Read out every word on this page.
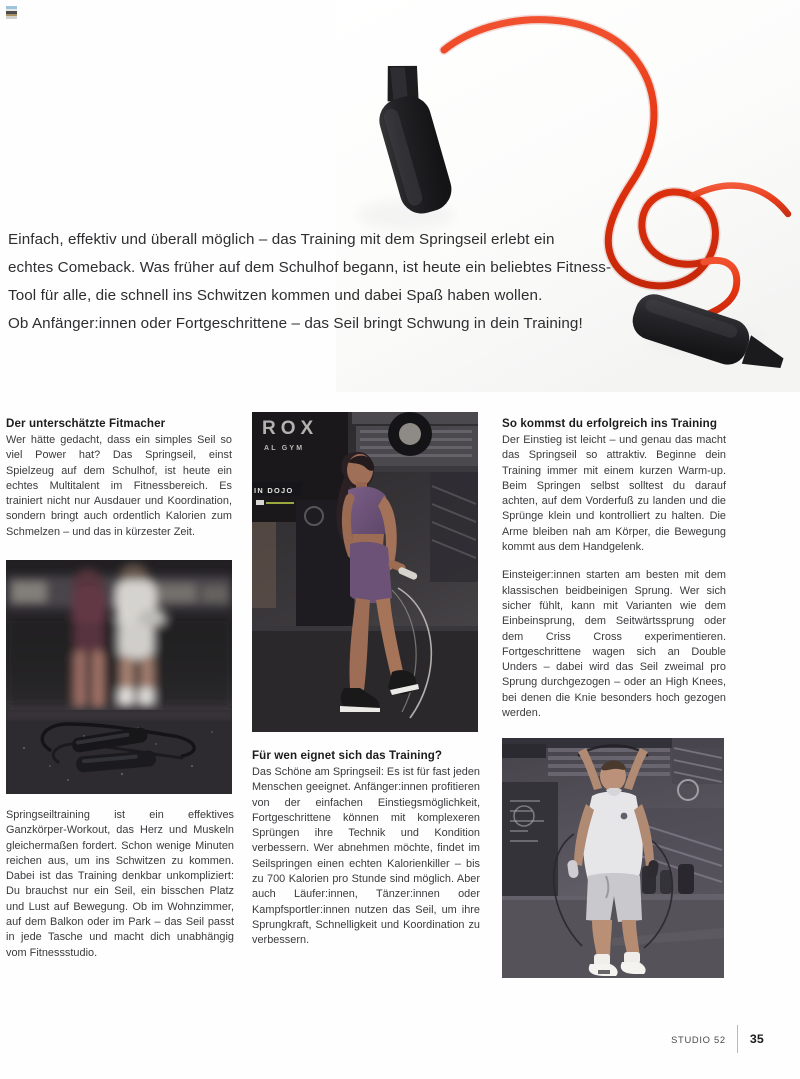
Einfach, effektiv und überall möglich – das Training mit dem Springseil erlebt ein

echtes Comeback. Was früher auf dem Schulhof begann, ist heute ein beliebtes Fitness-

Tool für alle, die schnell ins Schwitzen kommen und dabei Spaß haben wollen.

Ob Anfänger:innen oder Fortgeschrittene – das Seil bringt Schwung in dein Training!

Der unterschätzte Fitmacher

Wer hätte gedacht, dass ein simples Seil so viel Power hat? Das Springseil, einst Spielzeug auf dem Schulhof, ist heute ein echtes Multitalent im Fitnessbereich. Es trainiert nicht nur Ausdauer und Koordination, sondern bringt auch ordentlich Kalorien zum Schmelzen – und das in kürzester Zeit.

Springseiltraining ist ein effektives Ganzkörper-Workout, das Herz und Muskeln gleichermaßen fordert. Schon wenige Minuten reichen aus, um ins Schwitzen zu kommen. Dabei ist das Training denkbar unkompliziert: Du brauchst nur ein Seil, ein bisschen Platz und Lust auf Bewegung. Ob im Wohnzimmer, auf dem Balkon oder im Park – das Seil passt in jede Tasche und macht dich unabhängig vom Fitnessstudio.

ROX
AL GYM
IN DOJO
Für wen eignet sich das Training?

Das Schöne am Springseil: Es ist für fast jeden Menschen geeignet. Anfänger:innen profitieren von der einfachen Einstiegsmöglichkeit, Fortgeschrittene können mit komplexeren Sprüngen ihre Technik und Kondition verbessern. Wer abnehmen möchte, findet im Seilspringen einen echten Kalorienkiller – bis zu 700 Kalorien pro Stunde sind möglich. Aber auch Läufer:innen, Tänzer:innen oder Kampfsportler:innen nutzen das Seil, um ihre Sprungkraft, Schnelligkeit und Koordination zu verbessern.

So kommst du erfolgreich ins Training

Der Einstieg ist leicht – und genau das macht das Springseil so attraktiv. Beginne dein Training immer mit einem kurzen Warm-up. Beim Springen selbst solltest du darauf achten, auf dem Vorderfuß zu landen und die Sprünge klein und kontrolliert zu halten. Die Arme bleiben nah am Körper, die Bewegung kommt aus dem Handgelenk.

Einsteiger:innen starten am besten mit dem klassischen beidbeinigen Sprung. Wer sich sicher fühlt, kann mit Varianten wie dem Einbeinsprung, dem Seitwärtssprung oder dem Criss Cross experimentieren. Fortgeschrittene wagen sich an Double Unders – dabei wird das Seil zweimal pro Sprung durchgezogen – oder an High Knees, bei denen die Knie besonders hoch gezogen werden.

STUDIO 52	35
